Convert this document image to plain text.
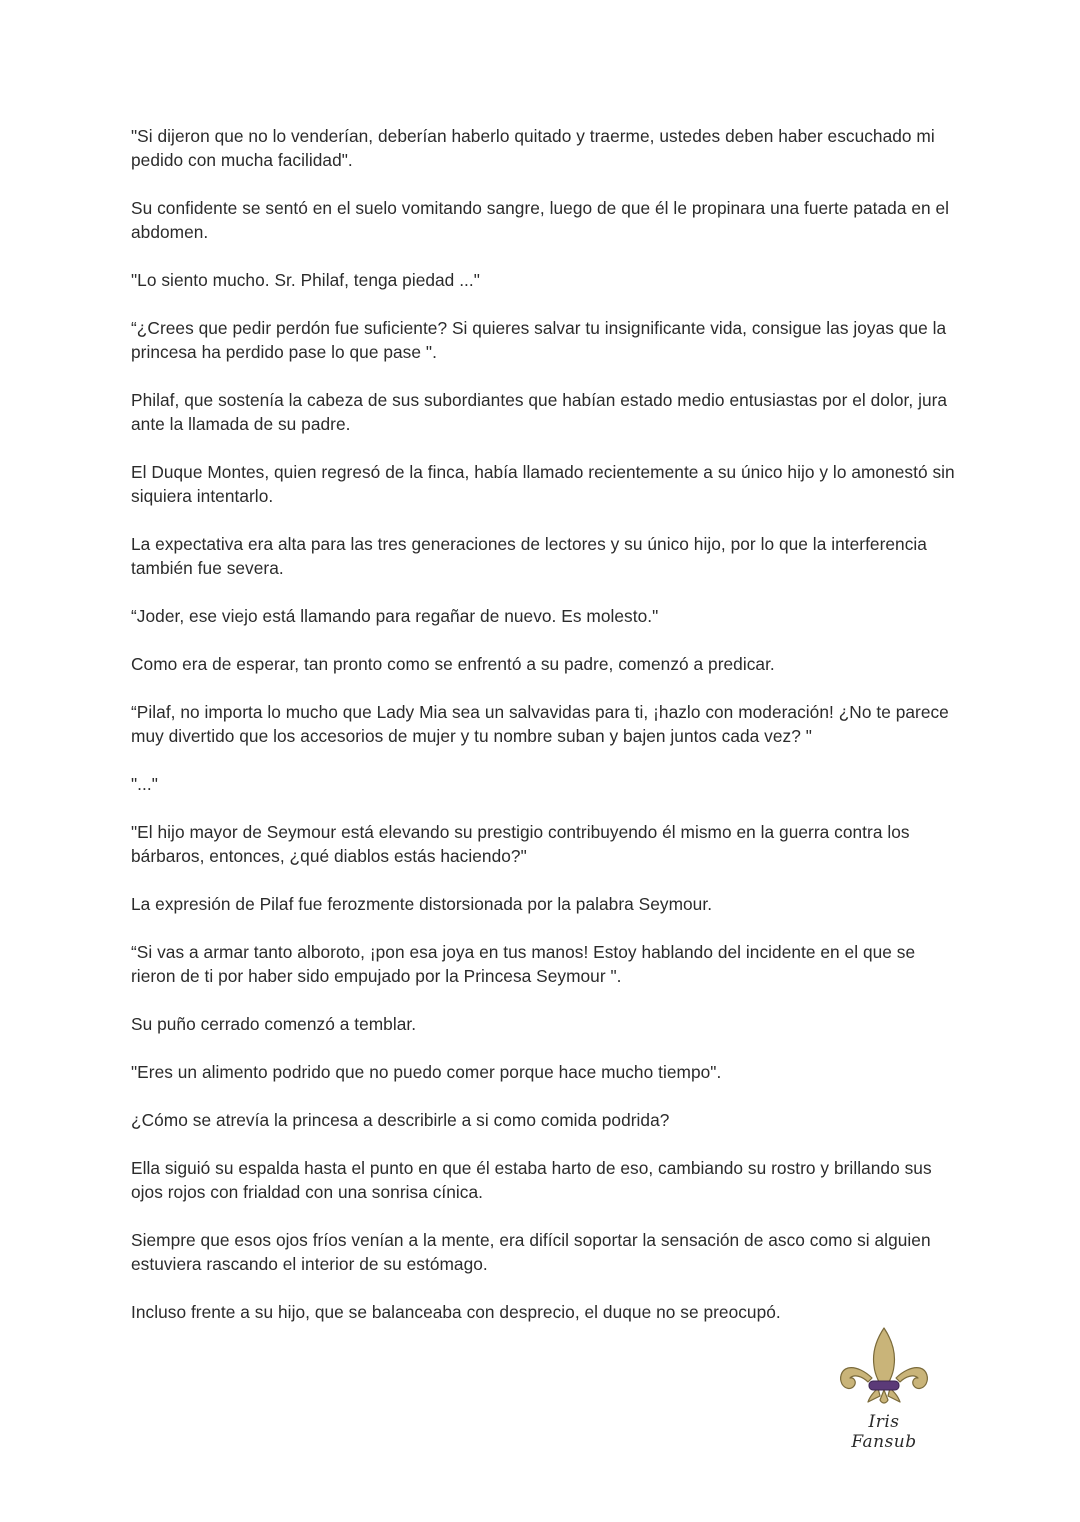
"Si dijeron que no lo venderían, deberían haberlo quitado y traerme, ustedes deben haber escuchado mi pedido con mucha facilidad".

Su confidente se sentó en el suelo vomitando sangre, luego de que él le propinara una fuerte patada en el abdomen.

"Lo siento mucho. Sr. Philaf, tenga piedad ..."

“¿Crees que pedir perdón fue suficiente? Si quieres salvar tu insignificante vida, consigue las joyas que la princesa ha perdido pase lo que pase ".

Philaf, que sostenía la cabeza de sus subordiantes que habían estado medio entusiastas por el dolor, jura ante la llamada de su padre.

El Duque Montes, quien regresó de la finca, había llamado recientemente a su único hijo y lo amonestó sin siquiera intentarlo.

La expectativa era alta para las tres generaciones de lectores y su único hijo, por lo que la interferencia también fue severa.

“Joder, ese viejo está llamando para regañar de nuevo. Es molesto."

Como era de esperar, tan pronto como se enfrentó a su padre, comenzó a predicar.

“Pilaf, no importa lo mucho que Lady Mia sea un salvavidas para ti, ¡hazlo con moderación! ¿No te parece muy divertido que los accesorios de mujer y tu nombre suban y bajen juntos cada vez? "

"..."

"El hijo mayor de Seymour está elevando su prestigio contribuyendo él mismo en la guerra contra los bárbaros, entonces, ¿qué diablos estás haciendo?"

La expresión de Pilaf fue ferozmente distorsionada por la palabra Seymour.

“Si vas a armar tanto alboroto, ¡pon esa joya en tus manos! Estoy hablando del incidente en el que se rieron de ti por haber sido empujado por la Princesa Seymour ".

Su puño cerrado comenzó a temblar.

"Eres un alimento podrido que no puedo comer porque hace mucho tiempo".

¿Cómo se atrevía la princesa a describirle a si como comida podrida?

Ella siguió su espalda hasta el punto en que él estaba harto de eso, cambiando su rostro y brillando sus ojos rojos con frialdad con una sonrisa cínica.

Siempre que esos ojos fríos venían a la mente, era difícil soportar la sensación de asco como si alguien estuviera rascando el interior de su estómago.

Incluso frente a su hijo, que se balanceaba con desprecio, el duque no se preocupó.

Iris Fansub
